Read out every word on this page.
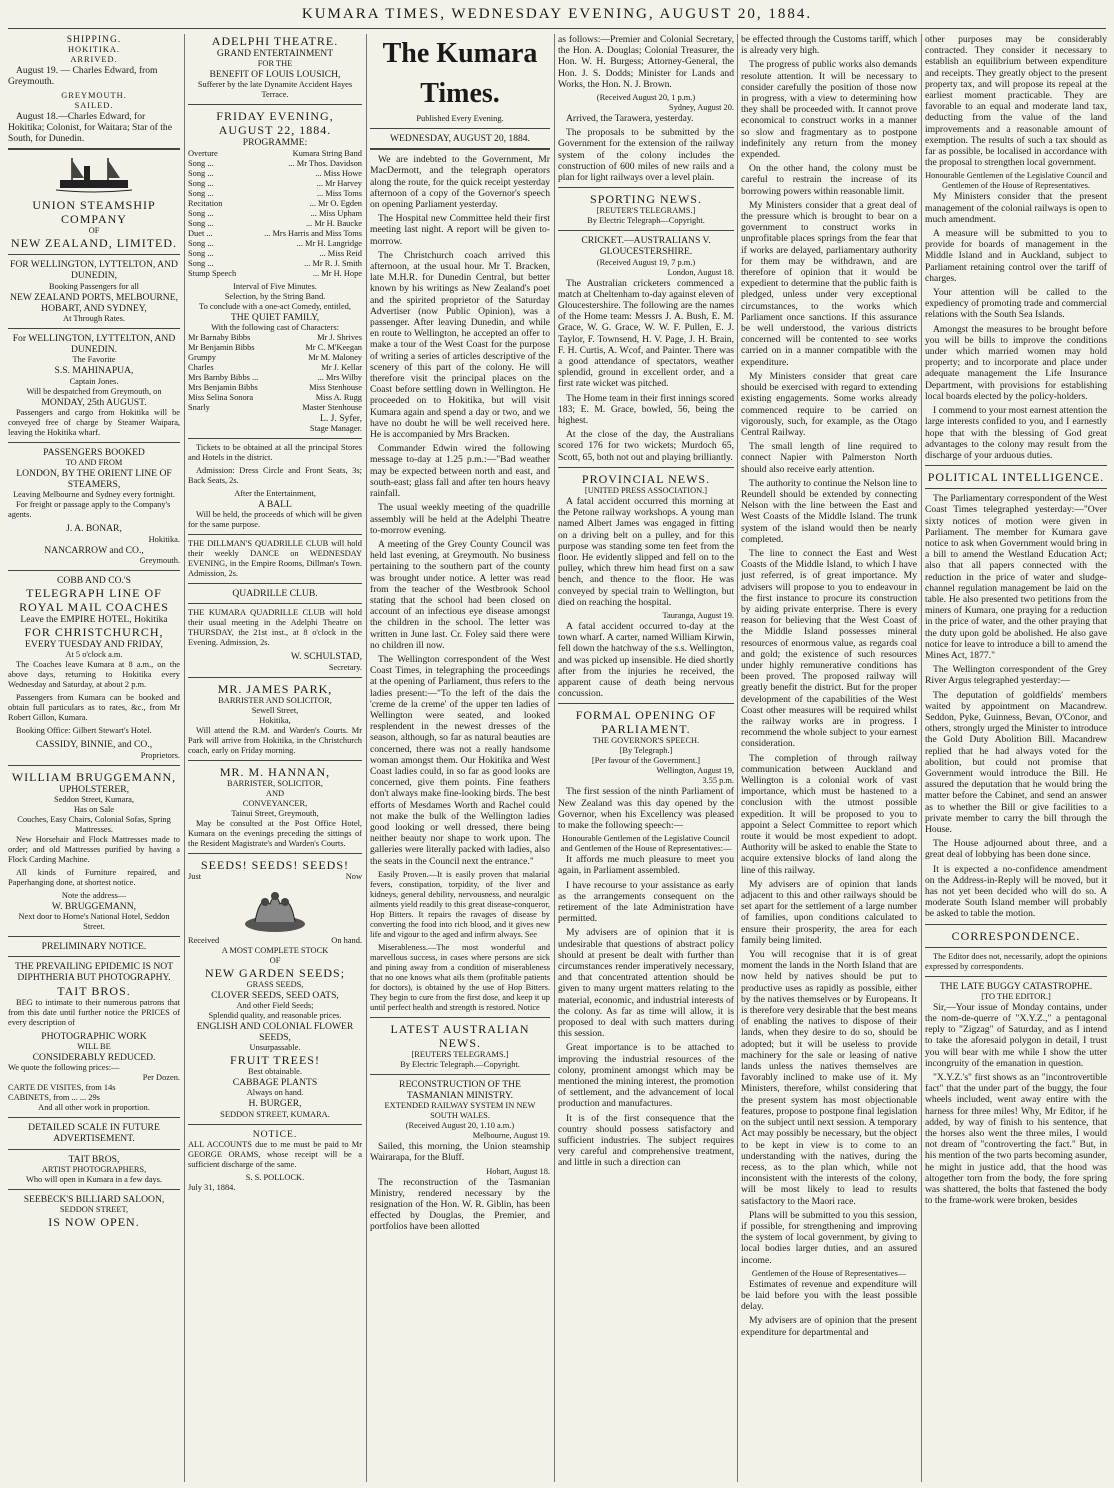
KUMARA TIMES, WEDNESDAY EVENING, AUGUST 20, 1884.
SHIPPING.
HOKITIKA.
ARRIVED.

August 19. — Charles Edward, from Greymouth.

GREYMOUTH.
SAILED.

August 18.—Charles Edward, for Hokitika; Colonist, for Waitara; Star of the South, for Dunedin.

UNION STEAMSHIP COMPANY
OF
NEW ZEALAND, LIMITED.
FOR WELLINGTON, LYTTELTON, AND DUNEDIN,
Booking Passengers for all
NEW ZEALAND PORTS, MELBOURNE, HOBART, AND SYDNEY,
At Through Rates.
For WELLINGTON, LYTTELTON, AND DUNEDIN.
The Favorite
S.S. MAHINAPUA,
Captain Jones.
Will be despatched from Greymouth, on
MONDAY, 25th AUGUST.

Passengers and cargo from Hokitika will be conveyed free of charge by Steamer Waipara, leaving the Hokitika wharf.

PASSENGERS BOOKED
TO AND FROM
LONDON, BY THE ORIENT LINE OF STEAMERS,
Leaving Melbourne and Sydney every fortnight.

For freight or passage apply to the Company's agents.

J. A. BONAR,
Hokitika.
NANCARROW and CO.,
Greymouth.
COBB AND CO.'S
TELEGRAPH LINE OF ROYAL MAIL COACHES
Leave the EMPIRE HOTEL, Hokitika
FOR CHRISTCHURCH,
EVERY TUESDAY AND FRIDAY,
At 5 o'clock a.m.

The Coaches leave Kumara at 8 a.m., on the above days, returning to Hokitika every Wednesday and Saturday, at about 2 p.m.

Passengers from Kumara can be booked and obtain full particulars as to rates, &c., from Mr Robert Gillon, Kumara.

Booking Office: Gilbert Stewart's Hotel.

CASSIDY, BINNIE, and CO.,
Proprietors.
WILLIAM BRUGGEMANN,
UPHOLSTERER,
Seddon Street, Kumara,
Has on Sale
Couches, Easy Chairs, Colonial Sofas, Spring Mattresses.

New Horsehair and Flock Mattresses made to order; and old Mattresses purified by having a Flock Carding Machine.

All kinds of Furniture repaired, and Paperhanging done, at shortest notice.

Note the address—
W. BRUGGEMANN,
Next door to Horne's National Hotel, Seddon Street.
PRELIMINARY NOTICE.
THE PREVAILING EPIDEMIC IS NOT DIPHTHERIA BUT PHOTOGRAPHY.
TAIT BROS.

BEG to intimate to their numerous patrons that from this date until further notice the PRICES of every description of

PHOTOGRAPHIC WORK
WILL BE
CONSIDERABLY REDUCED.
We quote the following prices:—
Per Dozen.
CARTE DE VISITES, from 14s
CABINETS, from ... ... 29s
And all other work in proportion.
DETAILED SCALE IN FUTURE ADVERTISEMENT.
TAIT BROS,
ARTIST PHOTOGRAPHERS,
Who will open in Kumara in a few days.
SEEBECK'S BILLIARD SALOON,
SEDDON STREET,
IS NOW OPEN.
ADELPHI THEATRE.
GRAND ENTERTAINMENT
FOR THE
BENEFIT OF LOUIS LOUSICH,
Sufferer by the late Dynamite Accident Hayes Terrace.
FRIDAY EVENING, AUGUST 22, 1884.
PROGRAMME:
Overture	Kumara String Band
Song ...	... Mr Thos. Davidson
Song ...	... Miss Howe
Song ...	... Mr Harvey
Song ...	... Miss Toms
Recitation	... Mr O. Egden
Song ...	... Miss Upham
Song ...	... Mr H. Baucke
Duet ...	... Mrs Harris and Miss Toms
Song ...	... Mr H. Langridge
Song ...	... Miss Reid
Song ...	... Mr R. J. Smith
Stump Speech	... Mr H. Hope
Interval of Five Minutes.
Selection, by the String Band.
To conclude with a one-act Comedy, entitled,
THE QUIET FAMILY,
With the following cast of Characters:
Mr Barnaby Bibbs	Mr J. Shrives
Mr Benjamin Bibbs	Mr C. M'Keegan
Grumpy	Mr M. Maloney
Charles	Mr J. Kellar
Mrs Barnby Bibbs ...	... Mrs Wilby
Mrs Benjamin Bibbs	Miss Stenhouse
Miss Selina Sonora	Miss A. Rugg
Snarly	Master Stenhouse
L. J. Syfer,
Stage Manager.

Tickets to be obtained at all the principal Stores and Hotels in the district.

Admission: Dress Circle and Front Seats, 3s; Back Seats, 2s.

After the Entertainment,
A BALL

Will be held, the proceeds of which will be given for the same purpose.

THE DILLMAN'S QUADRILLE CLUB will hold their weekly DANCE on WEDNESDAY EVENING, in the Empire Rooms, Dillman's Town. Admission, 2s.

QUADRILLE CLUB.

THE KUMARA QUADRILLE CLUB will hold their usual meeting in the Adelphi Theatre on THURSDAY, the 21st inst., at 8 o'clock in the Evening. Admission, 2s.

W. SCHULSTAD,
Secretary.
MR. JAMES PARK,
BARRISTER AND SOLICITOR,
Sewell Street,
Hokitika,

Will attend the R.M. and Warden's Courts. Mr Park will arrive from Hokitika, in the Christchurch coach, early on Friday morning.

MR. M. HANNAN,
BARRISTER, SOLICITOR,
AND
CONVEYANCER,
Tainui Street, Greymouth,

May be consulted at the Post Office Hotel, Kumara on the evenings preceding the sittings of the Resident Magistrate's and Warden's Courts.

SEEDS! SEEDS! SEEDS!
Just	Now
Received	On hand.
A MOST COMPLETE STOCK
OF
NEW GARDEN SEEDS;
GRASS SEEDS,
CLOVER SEEDS, SEED OATS,
And other Field Seeds;
Splendid quality, and reasonable prices.
ENGLISH AND COLONIAL FLOWER SEEDS,
Unsurpassable.
FRUIT TREES!
Best obtainable.
CABBAGE PLANTS
Always on hand.
H. BURGER,
SEDDON STREET, KUMARA.
NOTICE.

ALL ACCOUNTS due to me must be paid to Mr GEORGE ORAMS, whose receipt will be a sufficient discharge of the same.

S. S. POLLOCK.
July 31, 1884.
The Kumara Times.
Published Every Evening.
WEDNESDAY, AUGUST 20, 1884.

We are indebted to the Government, Mr MacDermott, and the telegraph operators along the route, for the quick receipt yesterday afternoon of a copy of the Governor's speech on opening Parliament yesterday.

The Hospital new Committee held their first meeting last night. A report will be given to-morrow.

The Christchurch coach arrived this afternoon, at the usual hour. Mr T. Bracken, late M.H.R. for Dunedin Central, but better known by his writings as New Zealand's poet and the spirited proprietor of the Saturday Advertiser (now Public Opinion), was a passenger. After leaving Dunedin, and while en route to Wellington, he accepted an offer to make a tour of the West Coast for the purpose of writing a series of articles descriptive of the scenery of this part of the colony. He will therefore visit the principal places on the Coast before settling down in Wellington. He proceeded on to Hokitika, but will visit Kumara again and spend a day or two, and we have no doubt he will be well received here. He is accompanied by Mrs Bracken.

Commander Edwin wired the following message to-day at 1.25 p.m.:—"Bad weather may be expected between north and east, and south-east; glass fall and after ten hours heavy rainfall.

The usual weekly meeting of the quadrille assembly will be held at the Adelphi Theatre to-morrow evening.

A meeting of the Grey County Council was held last evening, at Greymouth. No business pertaining to the southern part of the county was brought under notice. A letter was read from the teacher of the Westbrook School stating that the school had been closed on account of an infectious eye disease amongst the children in the school. The letter was written in June last. Cr. Foley said there were no children ill now.

The Wellington correspondent of the West Coast Times, in telegraphing the proceedings at the opening of Parliament, thus refers to the ladies present:—"To the left of the dais the 'creme de la creme' of the upper ten ladies of Wellington were seated, and looked resplendent in the newest dresses of the season, although, so far as natural beauties are concerned, there was not a really handsome woman amongst them. Our Hokitika and West Coast ladies could, in so far as good looks are concerned, give them points. Fine feathers don't always make fine-looking birds. The best efforts of Mesdames Worth and Rachel could not make the bulk of the Wellington ladies good looking or well dressed, there being neither beauty nor shape to work upon. The galleries were literally packed with ladies, also the seats in the Council next the entrance."

Easily Proven.—It is easily proven that malarial fevers, constipation, torpidity, of the liver and kidneys, general debility, nervousness, and neuralgic ailments yield readily to this great disease-conqueror, Hop Bitters. It repairs the ravages of disease by converting the food into rich blood, and it gives new life and vigour to the aged and infirm always. See

Miserableness.—The most wonderful and marvellous success, in cases where persons are sick and pining away from a condition of miserableness that no one knows what ails them (profitable patients for doctors), is obtained by the use of Hop Bitters. They begin to cure from the first dose, and keep it up until perfect health and strength is restored. Notice

LATEST AUSTRALIAN NEWS.
[REUTERS TELEGRAMS.]
By Electric Telegraph.—Copyright.
RECONSTRUCTION OF THE TASMANIAN MINISTRY.
EXTENDED RAILWAY SYSTEM IN NEW SOUTH WALES.
(Received August 20, 1.10 a.m.)
Melbourne, August 19.

Sailed, this morning, the Union steamship Wairarapa, for the Bluff.

Hobart, August 18.

The reconstruction of the Tasmanian Ministry, rendered necessary by the resignation of the Hon. W. R. Giblin, has been effected by Douglas, the Premier, and portfolios have been allotted

as follows:—Premier and Colonial Secretary, the Hon. A. Douglas; Colonial Treasurer, the Hon. W. H. Burgess; Attorney-General, the Hon. J. S. Dodds; Minister for Lands and Works, the Hon. N. J. Brown.

(Received August 20, 1 p.m.)
Sydney, August 20.

Arrived, the Tarawera, yesterday.

The proposals to be submitted by the Government for the extension of the railway system of the colony includes the construction of 600 miles of new rails and a plan for light railways over a level plain.

SPORTING NEWS.
[REUTER'S TELEGRAMS.]
By Electric Telegraph—Copyright.
CRICKET.—AUSTRALIANS V. GLOUCESTERSHIRE.
(Received August 19, 7 p.m.)
London, August 18.

The Australian cricketers commenced a match at Cheltenham to-day against eleven of Gloucestershire. The following are the names of the Home team: Messrs J. A. Bush, E. M. Grace, W. G. Grace, W. W. F. Pullen, E. J. Taylor, F. Townsend, H. V. Page, J. H. Brain, F. H. Curtis, A. Wcof, and Painter. There was a good attendance of spectators, weather splendid, ground in excellent order, and a first rate wicket was pitched.

The Home team in their first innings scored 183; E. M. Grace, bowled, 56, being the highest.

At the close of the day, the Australians scored 176 for two wickets; Murdoch 65, Scott, 65, both not out and playing brilliantly.

PROVINCIAL NEWS.
[UNITED PRESS ASSOCIATION.]

A fatal accident occurred this morning at the Petone railway workshops. A young man named Albert James was engaged in fitting on a driving belt on a pulley, and for this purpose was standing some ten feet from the floor. He evidently slipped and fell on to the pulley, which threw him head first on a saw bench, and thence to the floor. He was conveyed by special train to Wellington, but died on reaching the hospital.

Tauranga, August 19.

A fatal accident occurred to-day at the town wharf. A carter, named William Kirwin, fell down the hatchway of the s.s. Wellington, and was picked up insensible. He died shortly after from the injuries he received, the apparent cause of death being nervous concussion.

FORMAL OPENING OF PARLIAMENT.
THE GOVERNOR'S SPEECH.
[By Telegraph.]
[Per favour of the Government.]
Wellington, August 19,
3.55 p.m.

The first session of the ninth Parliament of New Zealand was this day opened by the Governor, when his Excellency was pleased to make the following speech:—

Honourable Gentlemen of the Legislative Council and Gentlemen of the House of Representatives:—

It affords me much pleasure to meet you again, in Parliament assembled.

I have recourse to your assistance as early as the arrangements consequent on the retirement of the late Administration have permitted.

My advisers are of opinion that it is undesirable that questions of abstract policy should at present be dealt with further than circumstances render imperatively necessary, and that concentrated attention should be given to many urgent matters relating to the material, economic, and industrial interests of the colony. As far as time will allow, it is proposed to deal with such matters during this session.

Great importance is to be attached to improving the industrial resources of the colony, prominent amongst which may be mentioned the mining interest, the promotion of settlement, and the advancement of local production and manufactures.

It is of the first consequence that the country should possess satisfactory and sufficient industries. The subject requires very careful and comprehensive treatment, and little in such a direction can

be effected through the Customs tariff, which is already very high.

The progress of public works also demands resolute attention. It will be necessary to consider carefully the position of those now in progress, with a view to determining how they shall be proceeded with. It cannot prove economical to construct works in a manner so slow and fragmentary as to postpone indefinitely any return from the money expended.

On the other hand, the colony must be careful to restrain the increase of its borrowing powers within reasonable limit.

My Ministers consider that a great deal of the pressure which is brought to bear on a government to construct works in unprofitable places springs from the fear that if works are delayed, parliamentary authority for them may be withdrawn, and are therefore of opinion that it would be expedient to determine that the public faith is pledged, unless under very exceptional circumstances, to the works which Parliament once sanctions. If this assurance be well understood, the various districts concerned will be contented to see works carried on in a manner compatible with the expenditure.

My Ministers consider that great care should be exercised with regard to extending existing engagements. Some works already commenced require to be carried on vigorously, such, for example, as the Otago Central Railway.

The small length of line required to connect Napier with Palmerston North should also receive early attention.

The authority to continue the Nelson line to Reundell should be extended by connecting Nelson with the line between the East and West Coasts of the Middle Island. The trunk system of the island would then be nearly completed.

The line to connect the East and West Coasts of the Middle Island, to which I have just referred, is of great importance. My advisers will propose to you to endeavour in the first instance to procure its construction by aiding private enterprise. There is every reason for believing that the West Coast of the Middle Island possesses mineral resources of enormous value, as regards coal and gold; the existence of such resources under highly remunerative conditions has been proved. The proposed railway will greatly benefit the district. But for the proper development of the capabilities of the West Coast other measures will be required whilst the railway works are in progress. I recommend the whole subject to your earnest consideration.

The completion of through railway communication between Auckland and Wellington is a colonial work of vast importance, which must be hastened to a conclusion with the utmost possible expedition. It will be proposed to you to appoint a Select Committee to report which route it would be most expedient to adopt. Authority will be asked to enable the State to acquire extensive blocks of land along the line of this railway.

My advisers are of opinion that lands adjacent to this and other railways should be set apart for the settlement of a large number of families, upon conditions calculated to ensure their prosperity, the area for each family being limited.

You will recognise that it is of great moment the lands in the North Island that are now held by natives should be put to productive uses as rapidly as possible, either by the natives themselves or by Europeans. It is therefore very desirable that the best means of enabling the natives to dispose of their lands, when they desire to do so, should be adopted; but it will be useless to provide machinery for the sale or leasing of native lands unless the natives themselves are favorably inclined to make use of it. My Ministers, therefore, whilst considering that the present system has most objectionable features, propose to postpone final legislation on the subject until next session. A temporary Act may possibly be necessary, but the object to be kept in view is to come to an understanding with the natives, during the recess, as to the plan which, while not inconsistent with the interests of the colony, will be most likely to lead to results satisfactory to the Maori race.

Plans will be submitted to you this session, if possible, for strengthening and improving the system of local government, by giving to local bodies larger duties, and an assured income.

Gentlemen of the House of Representatives—

Estimates of revenue and expenditure will be laid before you with the least possible delay.

My advisers are of opinion that the present expenditure for departmental and

other purposes may be considerably contracted. They consider it necessary to establish an equilibrium between expenditure and receipts. They greatly object to the present property tax, and will propose its repeal at the earliest moment practicable. They are favorable to an equal and moderate land tax, deducting from the value of the land improvements and a reasonable amount of exemption. The results of such a tax should as far as possible, be localised in accordance with the proposal to strengthen local government.

Honourable Gentlemen of the Legislative Council and Gentlemen of the House of Representatives.

My Ministers consider that the present management of the colonial railways is open to much amendment.

A measure will be submitted to you to provide for boards of management in the Middle Island and in Auckland, subject to Parliament retaining control over the tariff of charges.

Your attention will be called to the expediency of promoting trade and commercial relations with the South Sea Islands.

Amongst the measures to be brought before you will be bills to improve the conditions under which married women may hold property; and to incorporate and place under adequate management the Life Insurance Department, with provisions for establishing local boards elected by the policy-holders.

I commend to your most earnest attention the large interests confided to you, and I earnestly hope that with the blessing of God great advantages to the colony may result from the discharge of your arduous duties.

POLITICAL INTELLIGENCE.

The Parliamentary correspondent of the West Coast Times telegraphed yesterday:—"Over sixty notices of motion were given in Parliament. The member for Kumara gave notice to ask when Government would bring in a bill to amend the Westland Education Act; also that all papers connected with the reduction in the price of water and sludge-channel regulation management be laid on the table. He also presented two petitions from the miners of Kumara, one praying for a reduction in the price of water, and the other praying that the duty upon gold be abolished. He also gave notice for leave to introduce a bill to amend the Mines Act, 1877."

The Wellington correspondent of the Grey River Argus telegraphed yesterday:—

The deputation of goldfields' members waited by appointment on Macandrew. Seddon, Pyke, Guinness, Bevan, O'Conor, and others, strongly urged the Minister to introduce the Gold Duty Abolition Bill. Macandrew replied that he had always voted for the abolition, but could not promise that Government would introduce the Bill. He assured the deputation that he would bring the matter before the Cabinet, and send an answer as to whether the Bill or give facilities to a private member to carry the bill through the House.

The House adjourned about three, and a great deal of lobbying has been done since.

It is expected a no-confidence amendment on the Address-in-Reply will be moved, but it has not yet been decided who will do so. A moderate South Island member will probably be asked to table the motion.

CORRESPONDENCE.

The Editor does not, necessarily, adopt the opinions expressed by correspondents.

THE LATE BUGGY CATASTROPHE.
[TO THE EDITOR.]

Sir,—Your issue of Monday contains, under the nom-de-querre of "X.Y.Z.," a pentagonal reply to "Zigzag" of Saturday, and as I intend to take the aforesaid polygon in detail, I trust you will bear with me while I show the utter incongruity of the emanation in question.

"X.Y.Z.'s" first shows as an "incontrovertible fact" that the under part of the buggy, the four wheels included, went away entire with the harness for three miles! Why, Mr Editor, if he added, by way of finish to his sentence, that the horses also went the three miles, I would not dream of "controverting the fact." But, in his mention of the two parts becoming asunder, he might in justice add, that the hood was altogether torn from the body, the fore spring was shattered, the bolts that fastened the body to the frame-work were broken, besides
